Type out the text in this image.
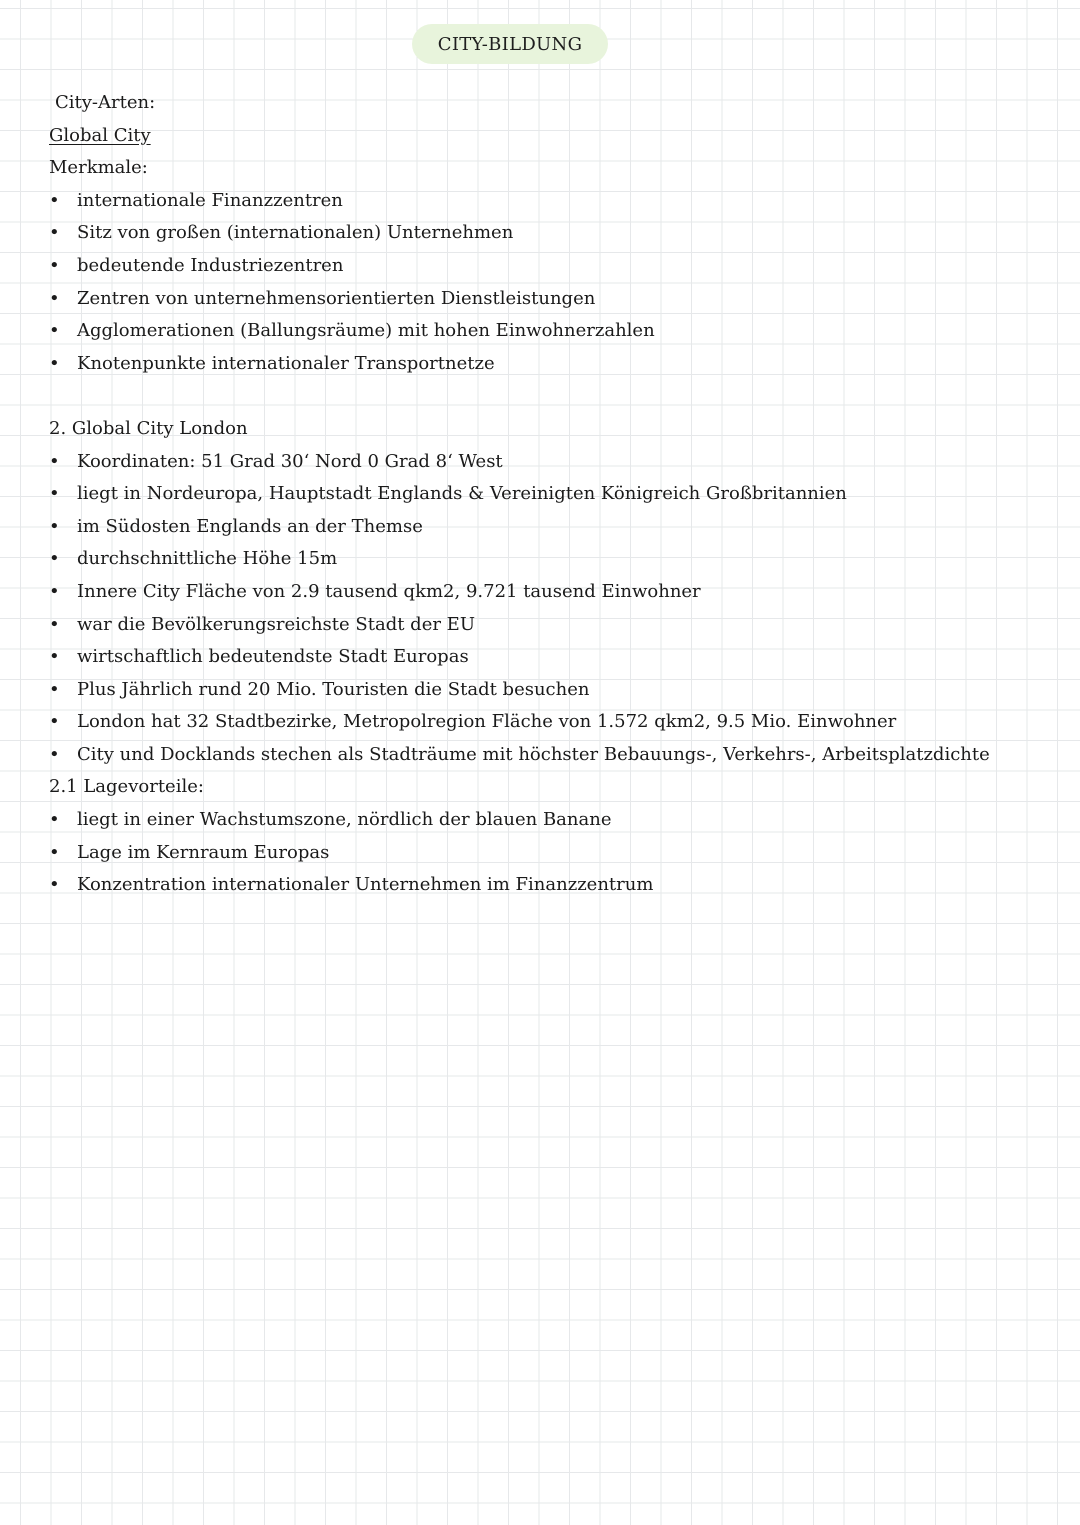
CITY-BILDUNG
City-Arten:
Global City
Merkmale:
• internationale Finanzzentren
• Sitz von großen (internationalen) Unternehmen
• bedeutende Industriezentren
• Zentren von unternehmensorientierten Dienstleistungen
• Agglomerationen (Ballungsräume) mit hohen Einwohnerzahlen
• Knotenpunkte internationaler Transportnetze
2. Global City London
• Koordinaten: 51 Grad 30‘ Nord 0 Grad 8‘ West
• liegt in Nordeuropa, Hauptstadt Englands & Vereinigten Königreich Großbritannien
• im Südosten Englands an der Themse
• durchschnittliche Höhe 15m
• Innere City Fläche von 2.9 tausend qkm2, 9.721 tausend Einwohner
• war die Bevölkerungsreichste Stadt der EU
• wirtschaftlich bedeutendste Stadt Europas
• Plus Jährlich rund 20 Mio. Touristen die Stadt besuchen
• London hat 32 Stadtbezirke, Metropolregion Fläche von 1.572 qkm2, 9.5 Mio. Einwohner
• City und Docklands stechen als Stadträume mit höchster Bebauungs-, Verkehrs-, Arbeitsplatzdichte
2.1 Lagevorteile:
• liegt in einer Wachstumszone, nördlich der blauen Banane
• Lage im Kernraum Europas
• Konzentration internationaler Unternehmen im Finanzzentrum
